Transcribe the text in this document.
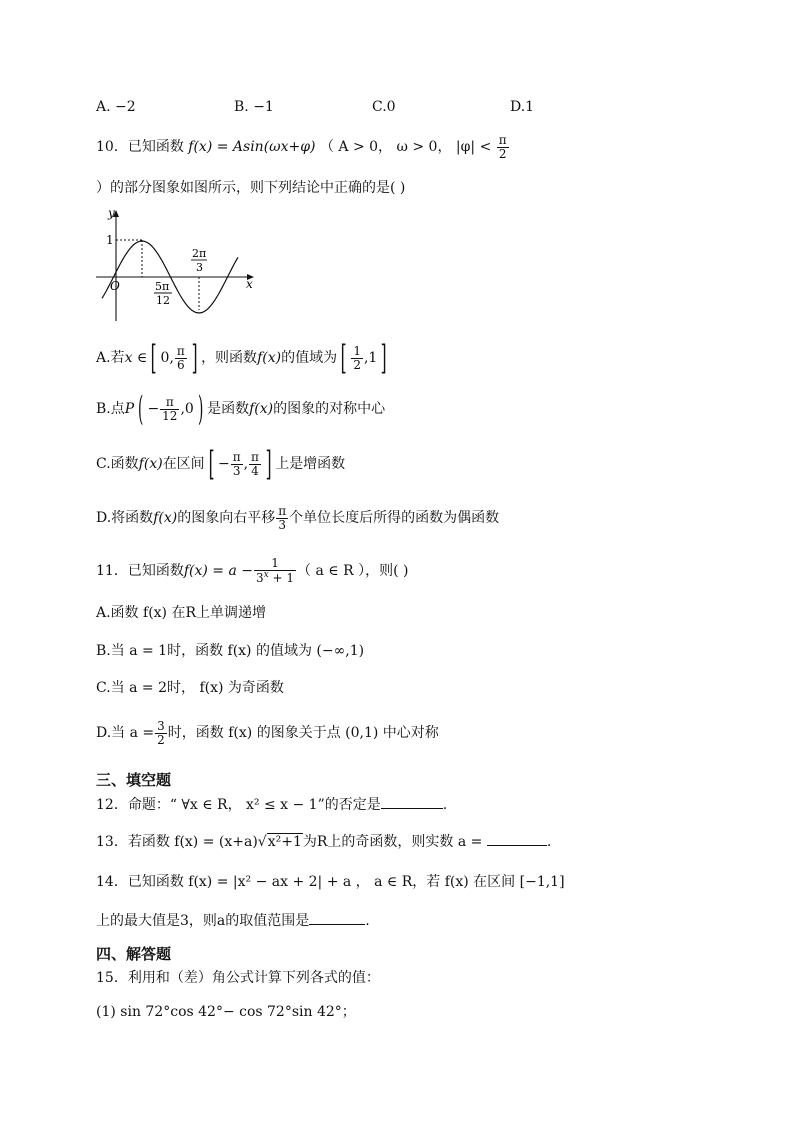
A. −2	B. −1	C.0	D.1
10．已知函数 f(x) = Asin(ωx+φ) （ A > 0， ω > 0， $|\varphi| < \frac{\pi}{2}$
）的部分图象如图所示，则下列结论中正确的是( )
y
x
O
1
5π
12
2π
3
A.若 x ∈ [ 0, $\frac{\pi}{6}$ ] ，则函数 f(x) 的值域为 [ $\frac{1}{2} ,1$ ]
B.点 P ( − $\frac{\pi}{12} ,0$ ) 是函数 f(x) 的图象的对称中心
C.函数 f(x) 在区间 [ − $\frac{\pi}{3}$ , $\frac{\pi}{4}$ ] 上是增函数
D.将函数 f(x) 的图象向右平移 $\frac{\pi}{3}$ 个单位长度后所得的函数为偶函数
11．已知函数 $f(x) = a - \frac{1}{3^x + 1}$ （ a ∈ R ），则( )
A.函数 f(x) 在R上单调递增
B.当 a = 1时，函数 f(x) 的值域为 (−∞,1)
C.当 a = 2时， f(x) 为奇函数
D.当 $a = \frac{3}{2}$ 时，函数 f(x) 的图象关于点 (0,1) 中心对称
三、填空题
12．命题：“ ∀x ∈ R， x² ≤ x − 1”的否定是	.
13．若函数 f(x) = (x+a)√x²+1为R上的奇函数，则实数 a =	.
14．已知函数 f(x) = |x² − ax + 2| + a ， a ∈ R，若 f(x) 在区间 [−1,1]
上的最大值是3，则a的取值范围是	.
四、解答题
15．利用和（差）角公式计算下列各式的值：
(1) sin 72°cos 42°− cos 72°sin 42°；
